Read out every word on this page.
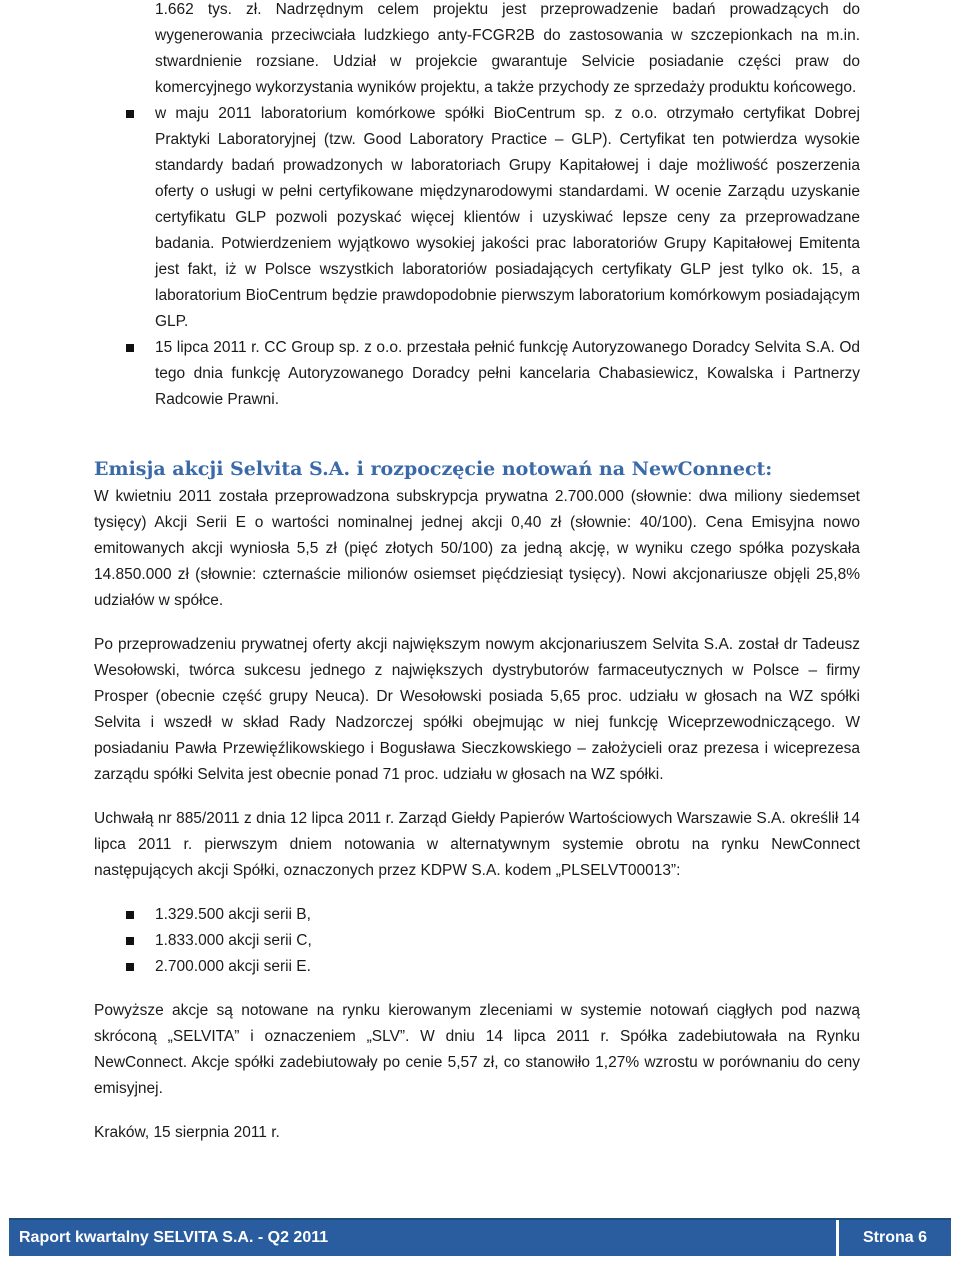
1.662 tys. zł. Nadrzędnym celem projektu jest przeprowadzenie badań prowadzących do wygenerowania przeciwciała ludzkiego anty-FCGR2B do zastosowania w szczepionkach na m.in. stwardnienie rozsiane. Udział w projekcie gwarantuje Selvicie posiadanie części praw do komercyjnego wykorzystania wyników projektu, a także przychody ze sprzedaży produktu końcowego.

w maju 2011 laboratorium komórkowe spółki BioCentrum sp. z o.o. otrzymało certyfikat Dobrej Praktyki Laboratoryjnej (tzw. Good Laboratory Practice – GLP). Certyfikat ten potwierdza wysokie standardy badań prowadzonych w laboratoriach Grupy Kapitałowej i daje możliwość poszerzenia oferty o usługi w pełni certyfikowane międzynarodowymi standardami. W ocenie Zarządu uzyskanie certyfikatu GLP pozwoli pozyskać więcej klientów i uzyskiwać lepsze ceny za przeprowadzane badania. Potwierdzeniem wyjątkowo wysokiej jakości prac laboratoriów Grupy Kapitałowej Emitenta jest fakt, iż w Polsce wszystkich laboratoriów posiadających certyfikaty GLP jest tylko ok. 15, a laboratorium BioCentrum będzie prawdopodobnie pierwszym laboratorium komórkowym posiadającym GLP.
15 lipca 2011 r. CC Group sp. z o.o. przestała pełnić funkcję Autoryzowanego Doradcy Selvita S.A. Od tego dnia funkcję Autoryzowanego Doradcy pełni kancelaria Chabasiewicz, Kowalska i Partnerzy Radcowie Prawni.
Emisja akcji Selvita S.A. i rozpoczęcie notowań na NewConnect:

W kwietniu 2011 została przeprowadzona subskrypcja prywatna 2.700.000 (słownie: dwa miliony siedemset tysięcy) Akcji Serii E o wartości nominalnej jednej akcji 0,40 zł (słownie: 40/100). Cena Emisyjna nowo emitowanych akcji wyniosła 5,5 zł (pięć złotych 50/100) za jedną akcję, w wyniku czego spółka pozyskała 14.850.000 zł (słownie: czternaście milionów osiemset pięćdziesiąt tysięcy). Nowi akcjonariusze objęli 25,8% udziałów w spółce.

Po przeprowadzeniu prywatnej oferty akcji największym nowym akcjonariuszem Selvita S.A. został dr Tadeusz Wesołowski, twórca sukcesu jednego z największych dystrybutorów farmaceutycznych w Polsce – firmy Prosper (obecnie część grupy Neuca). Dr Wesołowski posiada 5,65 proc. udziału w głosach na WZ spółki Selvita i wszedł w skład Rady Nadzorczej spółki obejmując w niej funkcję Wiceprzewodniczącego. W posiadaniu Pawła Przewięźlikowskiego i Bogusława Sieczkowskiego – założycieli oraz prezesa i wiceprezesa zarządu spółki Selvita jest obecnie ponad 71 proc. udziału w głosach na WZ spółki.

Uchwałą nr 885/2011 z dnia 12 lipca 2011 r. Zarząd Giełdy Papierów Wartościowych Warszawie S.A. określił 14 lipca 2011 r. pierwszym dniem notowania w alternatywnym systemie obrotu na rynku NewConnect następujących akcji Spółki, oznaczonych przez KDPW S.A. kodem „PLSELVT00013”:

1.329.500 akcji serii B,
1.833.000 akcji serii C,
2.700.000 akcji serii E.

Powyższe akcje są notowane na rynku kierowanym zleceniami w systemie notowań ciągłych pod nazwą skróconą „SELVITA” i oznaczeniem „SLV”. W dniu 14 lipca 2011 r. Spółka zadebiutowała na Rynku NewConnect. Akcje spółki zadebiutowały po cenie 5,57 zł, co stanowiło 1,27% wzrostu w porównaniu do ceny emisyjnej.

Kraków, 15 sierpnia 2011 r.

Raport kwartalny SELVITA S.A. - Q2 2011	Strona 6
